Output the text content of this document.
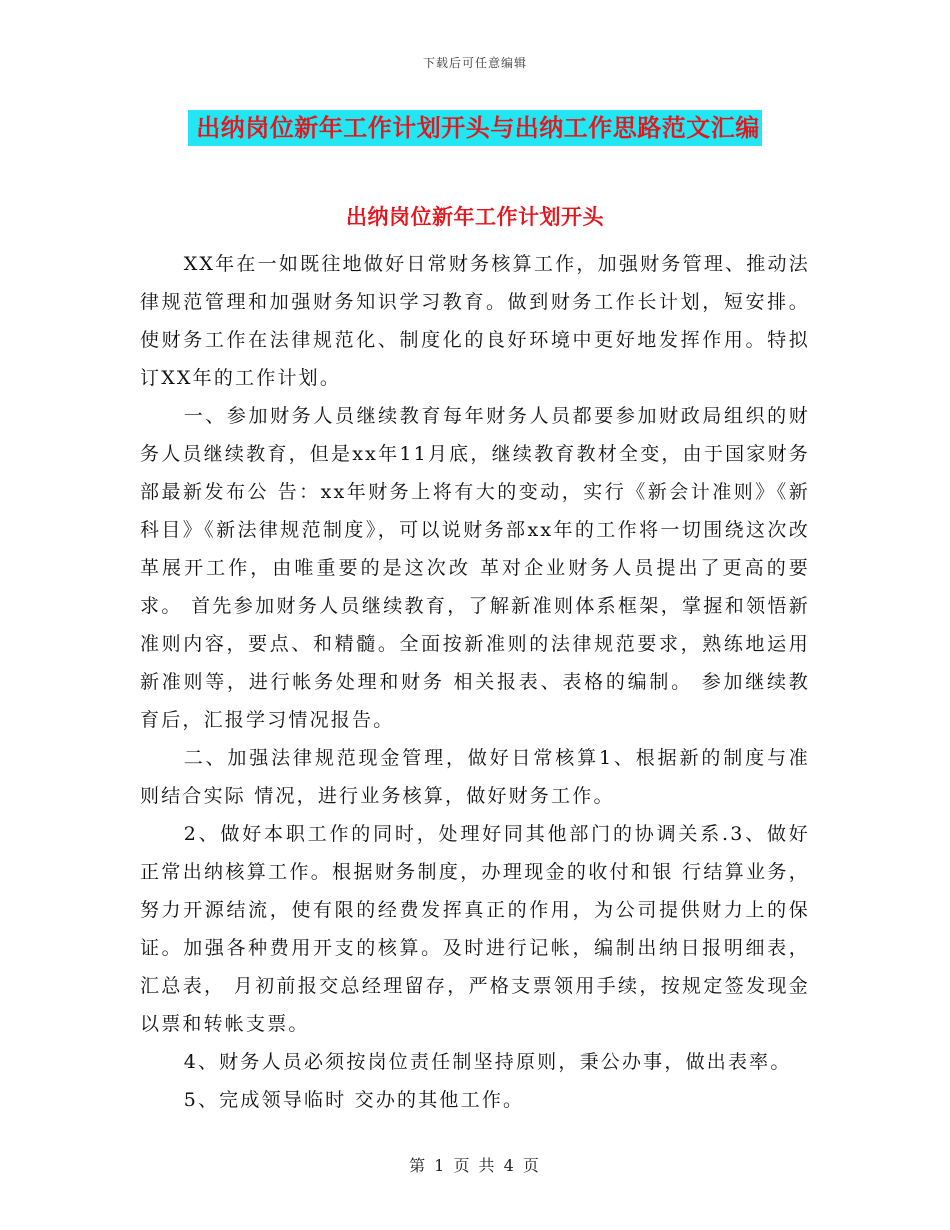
下载后可任意编辑
出纳岗位新年工作计划开头与出纳工作思路范文汇编
出纳岗位新年工作计划开头

XX年在一如既往地做好日常财务核算工作，加强财务管理、推动法律规范管理和加强财务知识学习教育。做到财务工作长计划，短安排。使财务工作在法律规范化、制度化的良好环境中更好地发挥作用。特拟订XX年的工作计划。

一、参加财务人员继续教育每年财务人员都要参加财政局组织的财务人员继续教育，但是xx年11月底，继续教育教材全变，由于国家财务部最新发布公 告：xx年财务上将有大的变动，实行《新会计准则》《新科目》《新法律规范制度》，可以说财务部xx年的工作将一切围绕这次改革展开工作，由唯重要的是这次改 革对企业财务人员提出了更高的要求。 首先参加财务人员继续教育，了解新准则体系框架，掌握和领悟新准则内容，要点、和精髓。全面按新准则的法律规范要求，熟练地运用新准则等，进行帐务处理和财务 相关报表、表格的编制。 参加继续教育后，汇报学习情况报告。

二、加强法律规范现金管理，做好日常核算1、根据新的制度与准则结合实际 情况，进行业务核算，做好财务工作。

2、做好本职工作的同时，处理好同其他部门的协调关系.3、做好正常出纳核算工作。根据财务制度，办理现金的收付和银 行结算业务，努力开源结流，使有限的经费发挥真正的作用，为公司提供财力上的保证。加强各种费用开支的核算。及时进行记帐，编制出纳日报明细表，汇总表， 月初前报交总经理留存，严格支票领用手续，按规定签发现金以票和转帐支票。

4、财务人员必须按岗位责任制坚持原则，秉公办事，做出表率。

5、完成领导临时 交办的其他工作。

第 1 页 共 4 页
